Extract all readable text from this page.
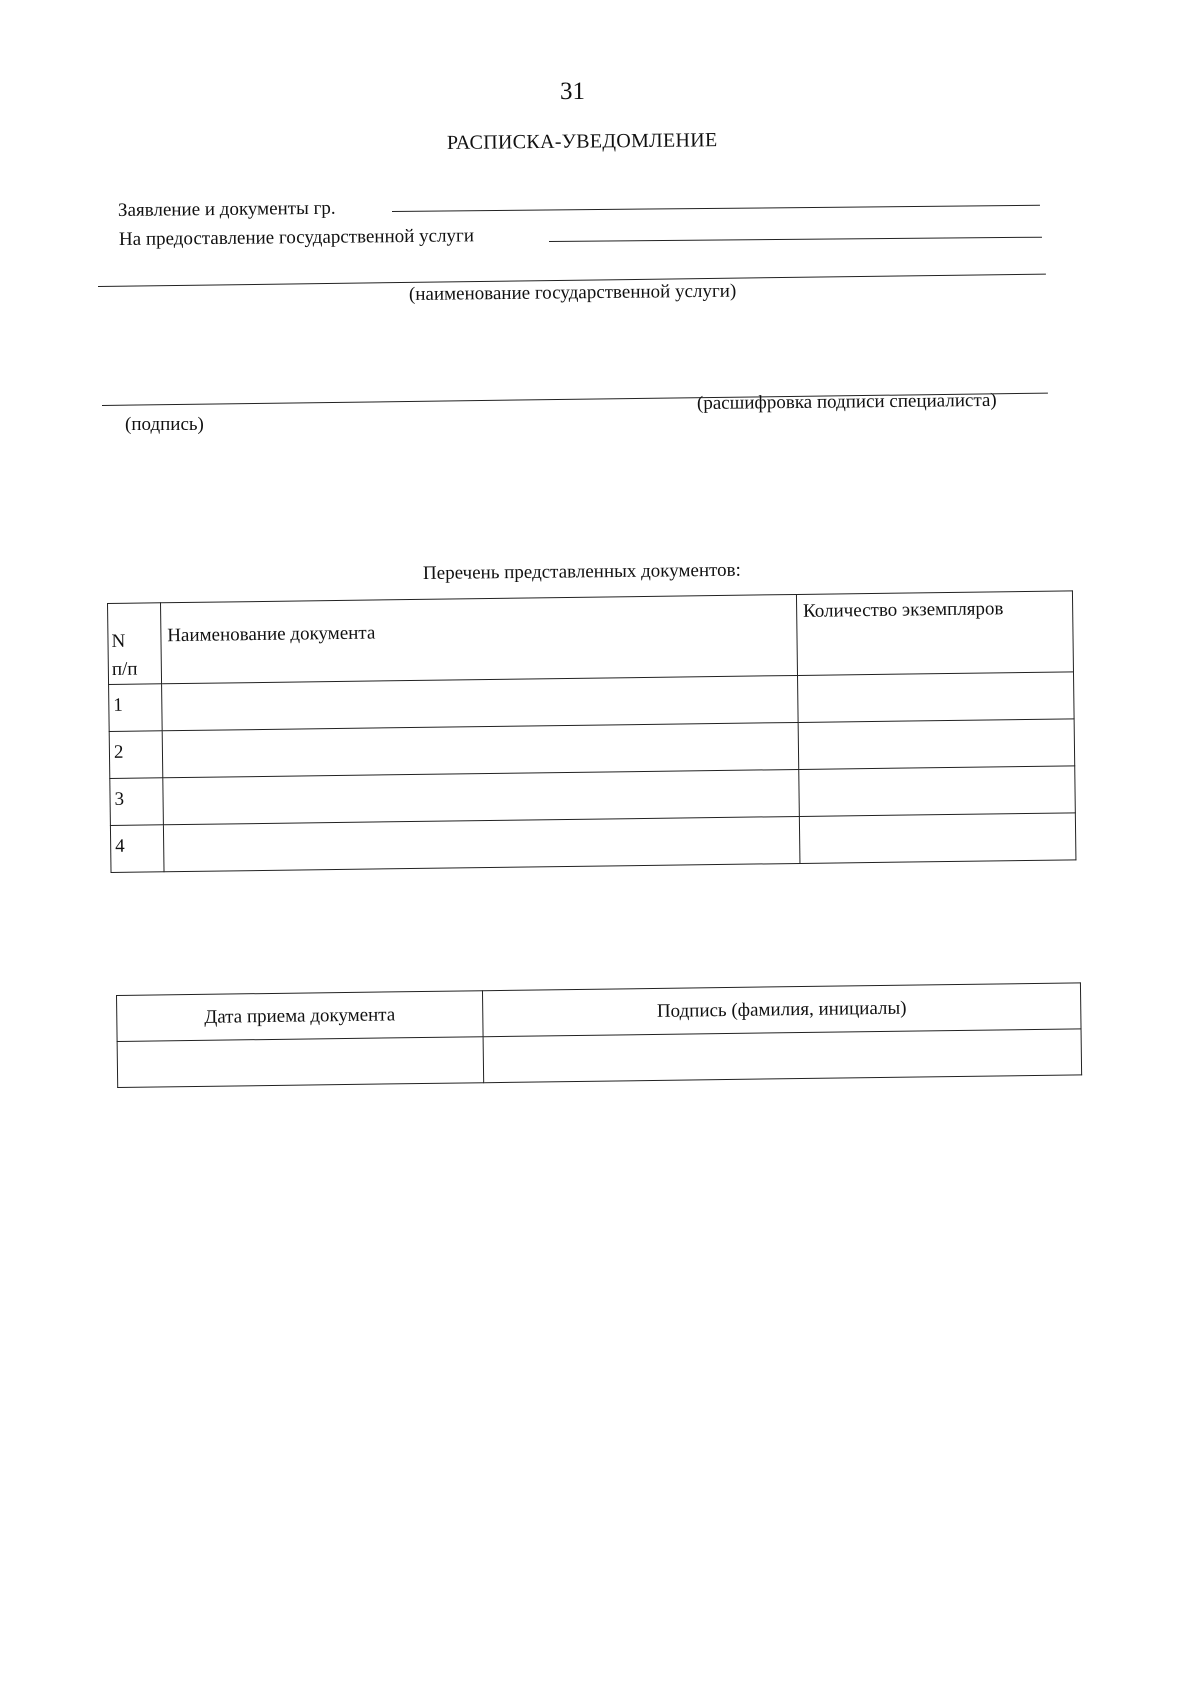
31
РАСПИСКА-УВЕДОМЛЕНИЕ
Заявление и документы гр.
На предоставление государственной услуги
(наименование государственной услуги)
(подпись)
(расшифровка подписи специалиста)
Перечень представленных документов:
N
п/п	Наименование документа	Количество экземпляров

1		

2		

3		

4		

Дата приема документа	Подпись (фамилия, инициалы)
